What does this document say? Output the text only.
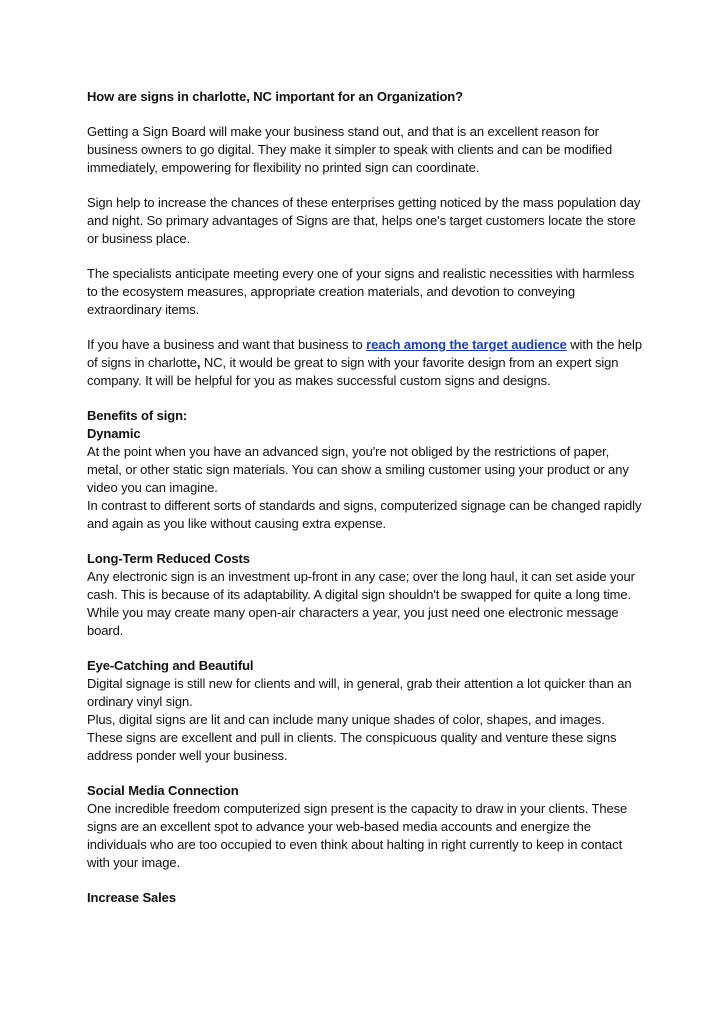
How are signs in charlotte, NC important for an Organization?

Getting a Sign Board will make your business stand out, and that is an excellent reason for business owners to go digital. They make it simpler to speak with clients and can be modified immediately, empowering for flexibility no printed sign can coordinate.

Sign help to increase the chances of these enterprises getting noticed by the mass population day and night. So primary advantages of Signs are that, helps one's target customers locate the store or business place.

The specialists anticipate meeting every one of your signs and realistic necessities with harmless to the ecosystem measures, appropriate creation materials, and devotion to conveying extraordinary items.

If you have a business and want that business to reach among the target audience with the help of signs in charlotte, NC, it would be great to sign with your favorite design from an expert sign company. It will be helpful for you as makes successful custom signs and designs.

Benefits of sign:
Dynamic
At the point when you have an advanced sign, you're not obliged by the restrictions of paper, metal, or other static sign materials. You can show a smiling customer using your product or any video you can imagine.
In contrast to different sorts of standards and signs, computerized signage can be changed rapidly and again as you like without causing extra expense.

Long-Term Reduced Costs
Any electronic sign is an investment up-front in any case; over the long haul, it can set aside your cash. This is because of its adaptability. A digital sign shouldn't be swapped for quite a long time. While you may create many open-air characters a year, you just need one electronic message board.

Eye-Catching and Beautiful
Digital signage is still new for clients and will, in general, grab their attention a lot quicker than an ordinary vinyl sign.
Plus, digital signs are lit and can include many unique shades of color, shapes, and images. These signs are excellent and pull in clients. The conspicuous quality and venture these signs address ponder well your business.

Social Media Connection
One incredible freedom computerized sign present is the capacity to draw in your clients. These signs are an excellent spot to advance your web-based media accounts and energize the individuals who are too occupied to even think about halting in right currently to keep in contact with your image.

Increase Sales
